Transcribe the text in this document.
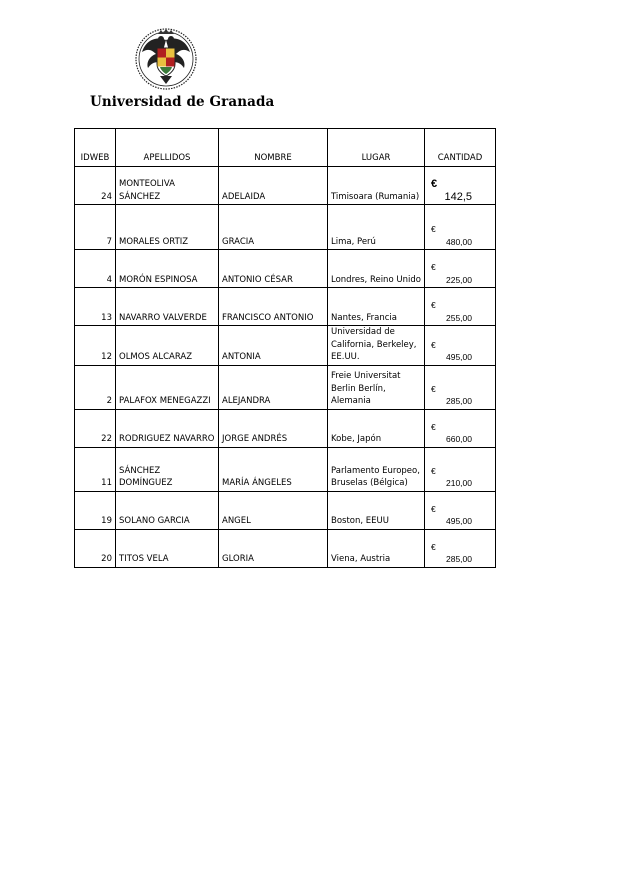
Universidad de Granada
IDWEB	APELLIDOS	NOMBRE	LUGAR	CANTIDAD
24	MONTEOLIVA SÁNCHEZ	ADELAIDA	Timisoara (Rumania)	€142,5
7	MORALES ORTIZ	GRACIA	Lima, Perú	€480,00
4	MORÓN ESPINOSA	ANTONIO CÉSAR	Londres, Reino Unido	€225,00
13	NAVARRO VALVERDE	FRANCISCO ANTONIO	Nantes, Francia	€255,00
12	OLMOS ALCARAZ	ANTONIA	Universidad de California, Berkeley, EE.UU.	€495,00
2	PALAFOX MENEGAZZI	ALEJANDRA	Freie Universitat Berlin Berlín, Alemania	€285,00
22	RODRIGUEZ NAVARRO	JORGE ANDRÉS	Kobe, Japón	€660,00
11	SÁNCHEZ DOMÍNGUEZ	MARÍA ÁNGELES	Parlamento Europeo, Bruselas (Bélgica)	€210,00
19	SOLANO GARCIA	ANGEL	Boston, EEUU	€495,00
20	TITOS VELA	GLORIA	Viena, Austria	€285,00
